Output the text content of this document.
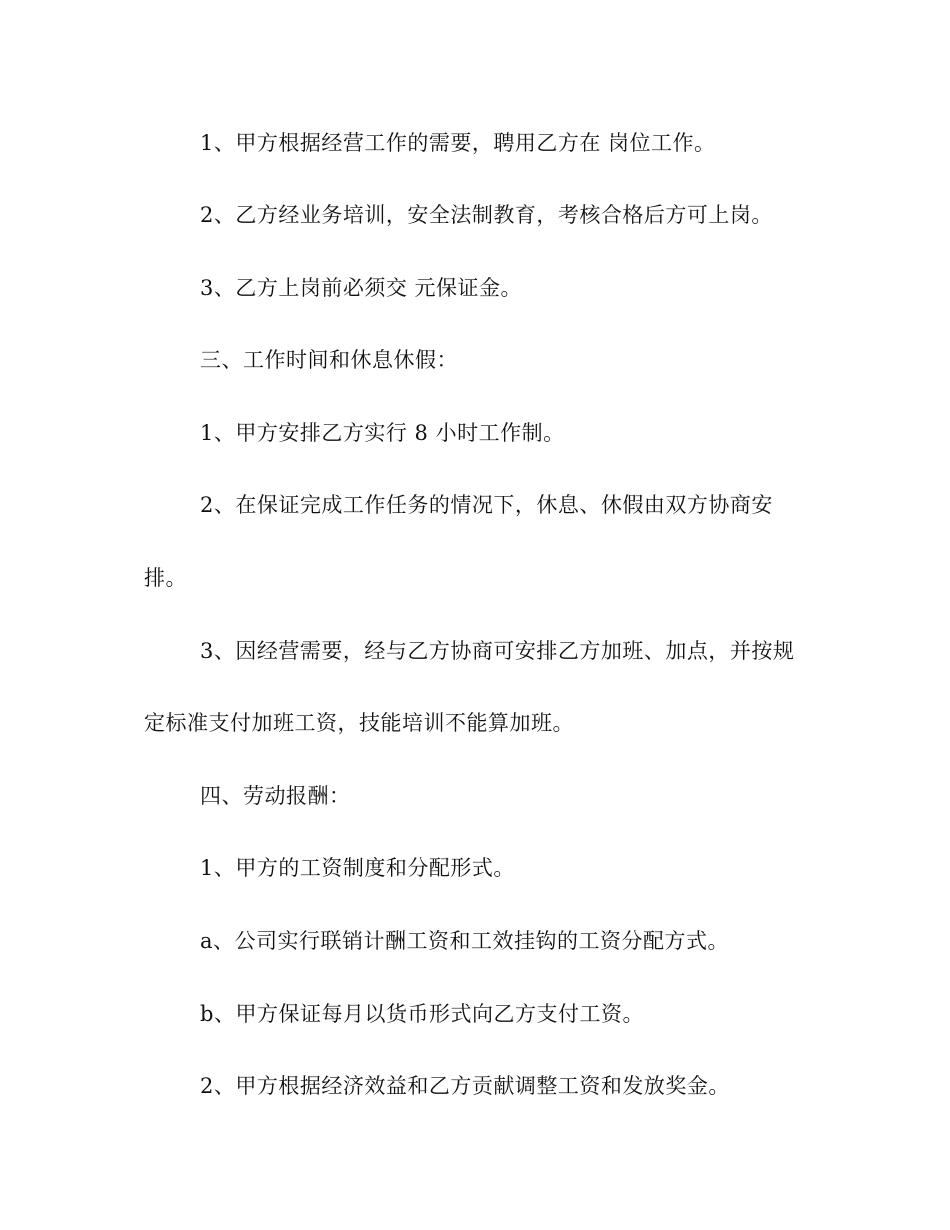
1、甲方根据经营工作的需要，聘用乙方在 岗位工作。

2、乙方经业务培训，安全法制教育，考核合格后方可上岗。

3、乙方上岗前必须交 元保证金。

三、工作时间和休息休假：

1、甲方安排乙方实行 8 小时工作制。

2、在保证完成工作任务的情况下，休息、休假由双方协商安

排。

3、因经营需要，经与乙方协商可安排乙方加班、加点，并按规

定标准支付加班工资，技能培训不能算加班。

四、劳动报酬：

1、甲方的工资制度和分配形式。

a、公司实行联销计酬工资和工效挂钩的工资分配方式。

b、甲方保证每月以货币形式向乙方支付工资。

2、甲方根据经济效益和乙方贡献调整工资和发放奖金。
